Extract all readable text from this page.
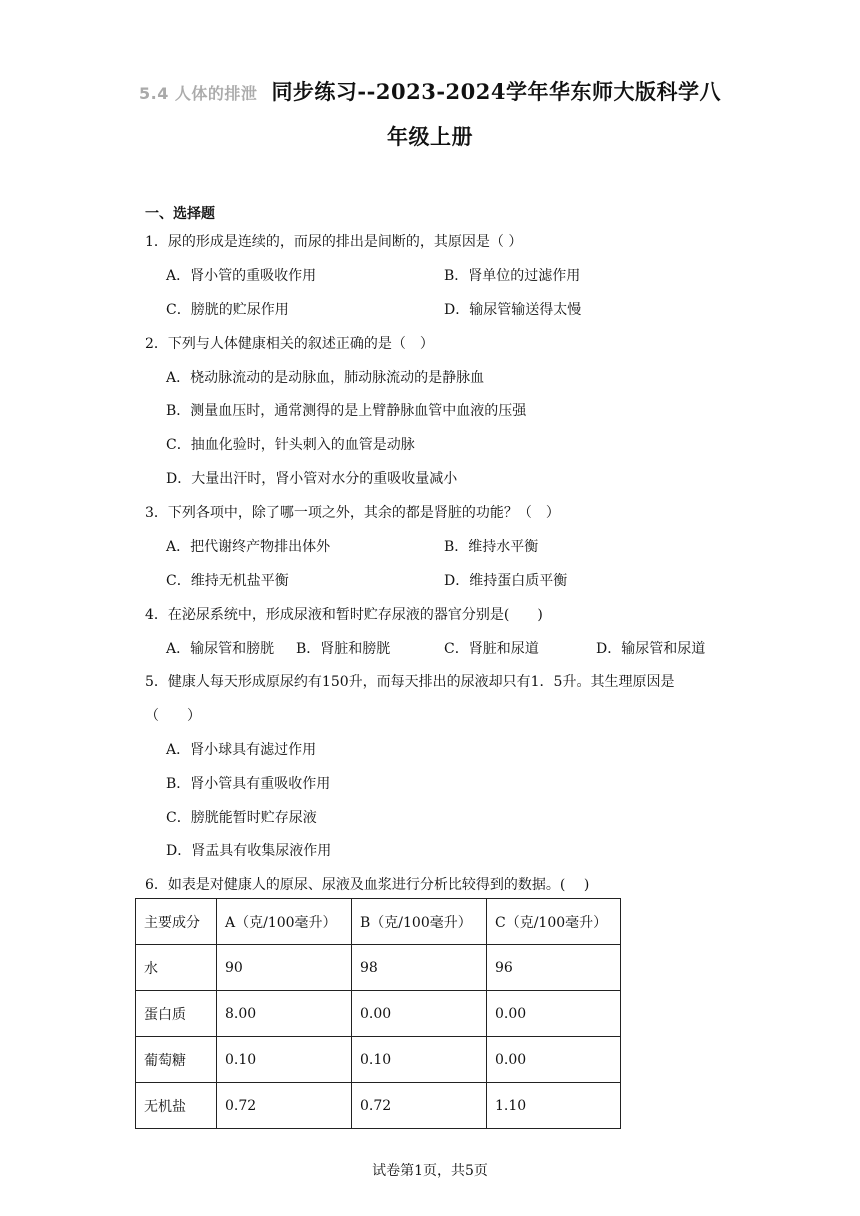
5.4 人体的排泄 同步练习--2023-2024学年华东师大版科学八
年级上册
一、选择题
1．尿的形成是连续的，而尿的排出是间断的，其原因是（ ）
A．肾小管的重吸收作用	B．肾单位的过滤作用
C．膀胱的贮尿作用	D．输尿管输送得太慢
2．下列与人体健康相关的叙述正确的是（　）
A．桡动脉流动的是动脉血，肺动脉流动的是静脉血
B．测量血压时，通常测得的是上臂静脉血管中血液的压强
C．抽血化验时，针头刺入的血管是动脉
D．大量出汗时，肾小管对水分的重吸收量减小
3．下列各项中，除了哪一项之外，其余的都是肾脏的功能？（　）
A．把代谢终产物排出体外	B．维持水平衡
C．维持无机盐平衡	D．维持蛋白质平衡
4．在泌尿系统中，形成尿液和暂时贮存尿液的器官分别是(　　)
A．输尿管和膀胱 B．肾脏和膀胱	C．肾脏和尿道	D．输尿管和尿道
5．健康人每天形成原尿约有150升，而每天排出的尿液却只有1．5升。其生理原因是
（　　）
A．肾小球具有滤过作用
B．肾小管具有重吸收作用
C．膀胱能暂时贮存尿液
D．肾盂具有收集尿液作用
6．如表是对健康人的原尿、尿液及血浆进行分析比较得到的数据。(　 )
主要成分	A（克/100毫升）	B（克/100毫升）	C（克/100毫升）
水	90	98	96
蛋白质	8.00	0.00	0.00
葡萄糖	0.10	0.10	0.00
无机盐	0.72	0.72	1.10
试卷第1页，共5页
